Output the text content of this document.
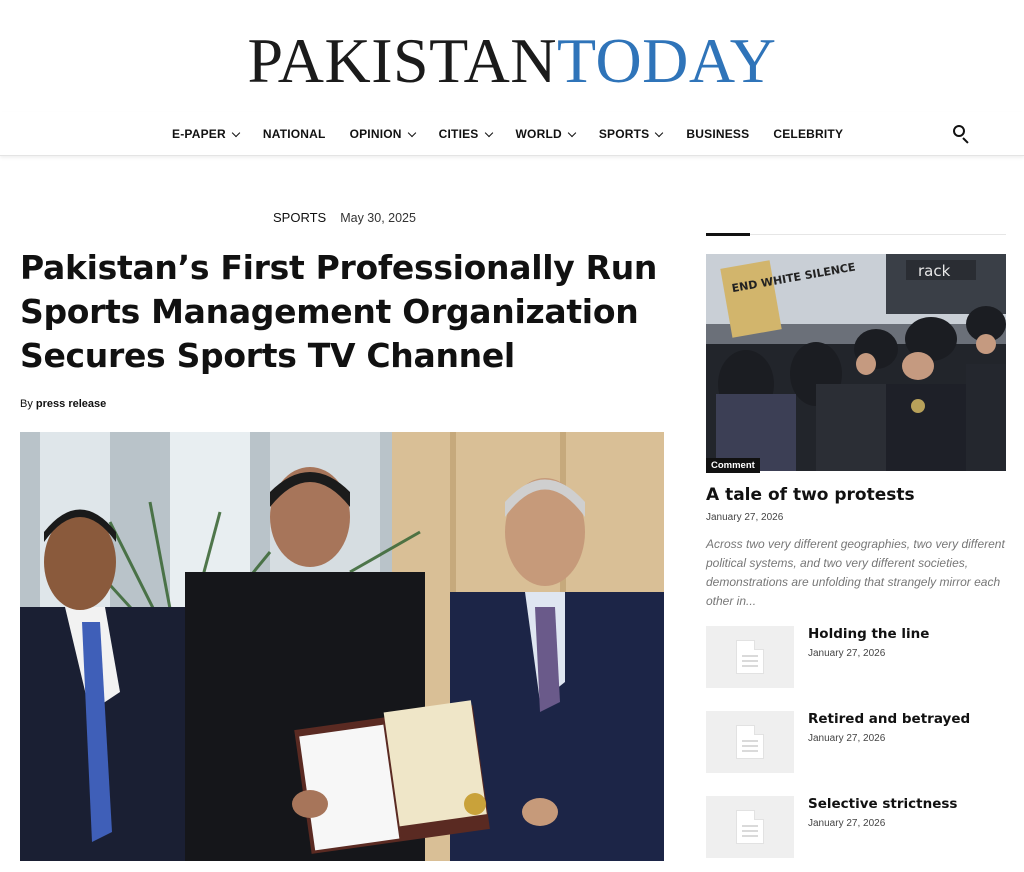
PAKISTANTODAY
E-PAPER	NATIONAL OPINION	CITIES	WORLD	SPORTS	BUSINESS CELEBRITY
SPORTS May 30, 2025
Pakistan’s First Professionally Run Sports Management Organization Secures Sports TV Channel
By press release
rack
END WHITE SILENCE
Comment
A tale of two protests
January 27, 2026
Across two very different geographies, two very different political systems, and two very different societies, demonstrations are unfolding that strangely mirror each other in...
Holding the line
January 27, 2026
Retired and betrayed
January 27, 2026
Selective strictness
January 27, 2026
